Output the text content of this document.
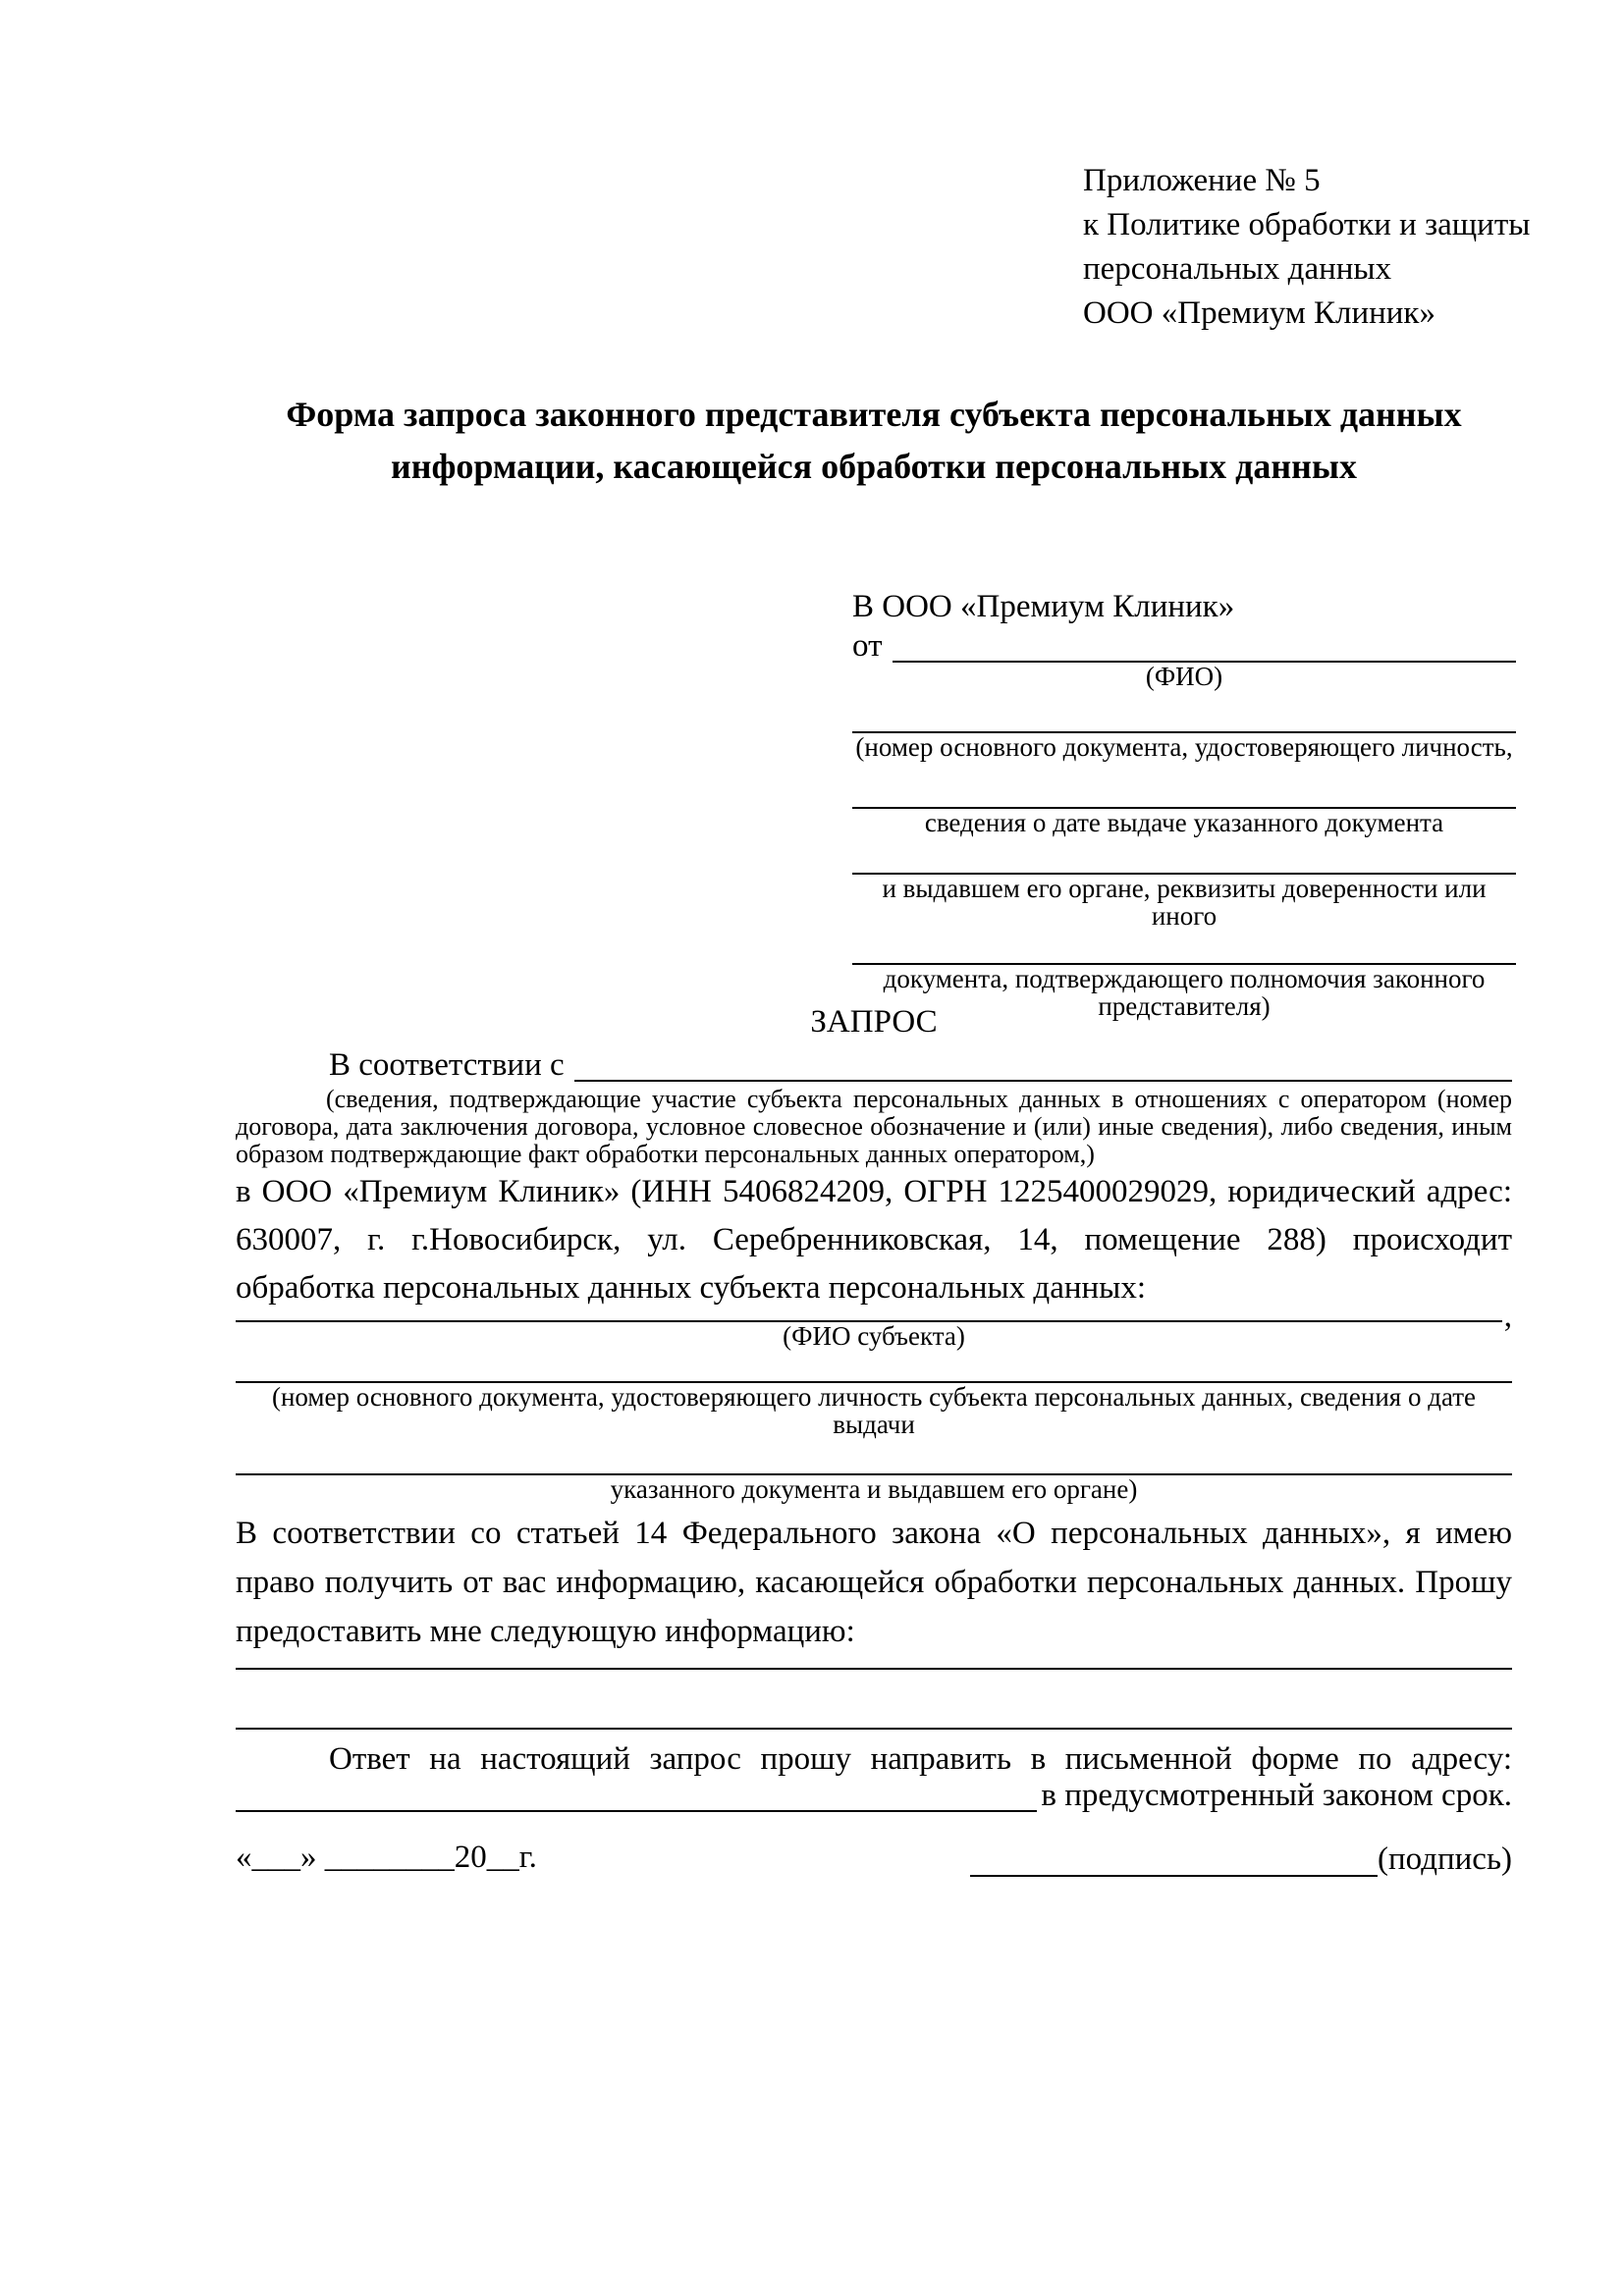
Приложение № 5
к Политике обработки и защиты
персональных данных
ООО «Премиум Клиник»
Форма запроса законного представителя субъекта персональных данных информации, касающейся обработки персональных данных
В ООО «Премиум Клиник»
от
(ФИО)
(номер основного документа, удостоверяющего личность,
сведения о дате выдаче указанного документа
и выдавшем его органе, реквизиты доверенности или иного
документа, подтверждающего полномочия законного представителя)
ЗАПРОС
В соответствии с

(сведения, подтверждающие участие субъекта персональных данных в отношениях с оператором (номер договора, дата заключения договора, условное словесное обозначение и (или) иные сведения), либо сведения, иным образом подтверждающие факт обработки персональных данных оператором,)

в ООО «Премиум Клиник» (ИНН 5406824209, ОГРН 1225400029029, юридический адрес: 630007, г. г.Новосибирск, ул. Серебренниковская, 14, помещение 288) происходит обработка персональных данных субъекта персональных данных:

,
(ФИО субъекта)
(номер основного документа, удостоверяющего личность субъекта персональных данных, сведения о дате выдачи
указанного документа и выдавшем его органе)

В соответствии со статьей 14 Федерального закона «О персональных данных», я имею право получить от вас информацию, касающейся обработки персональных данных. Прошу предоставить мне следующую информацию:

Ответ на настоящий запрос прошу направить в письменной форме по адресу:

в предусмотренный законом срок.
«___» ________20__г.	(подпись)
